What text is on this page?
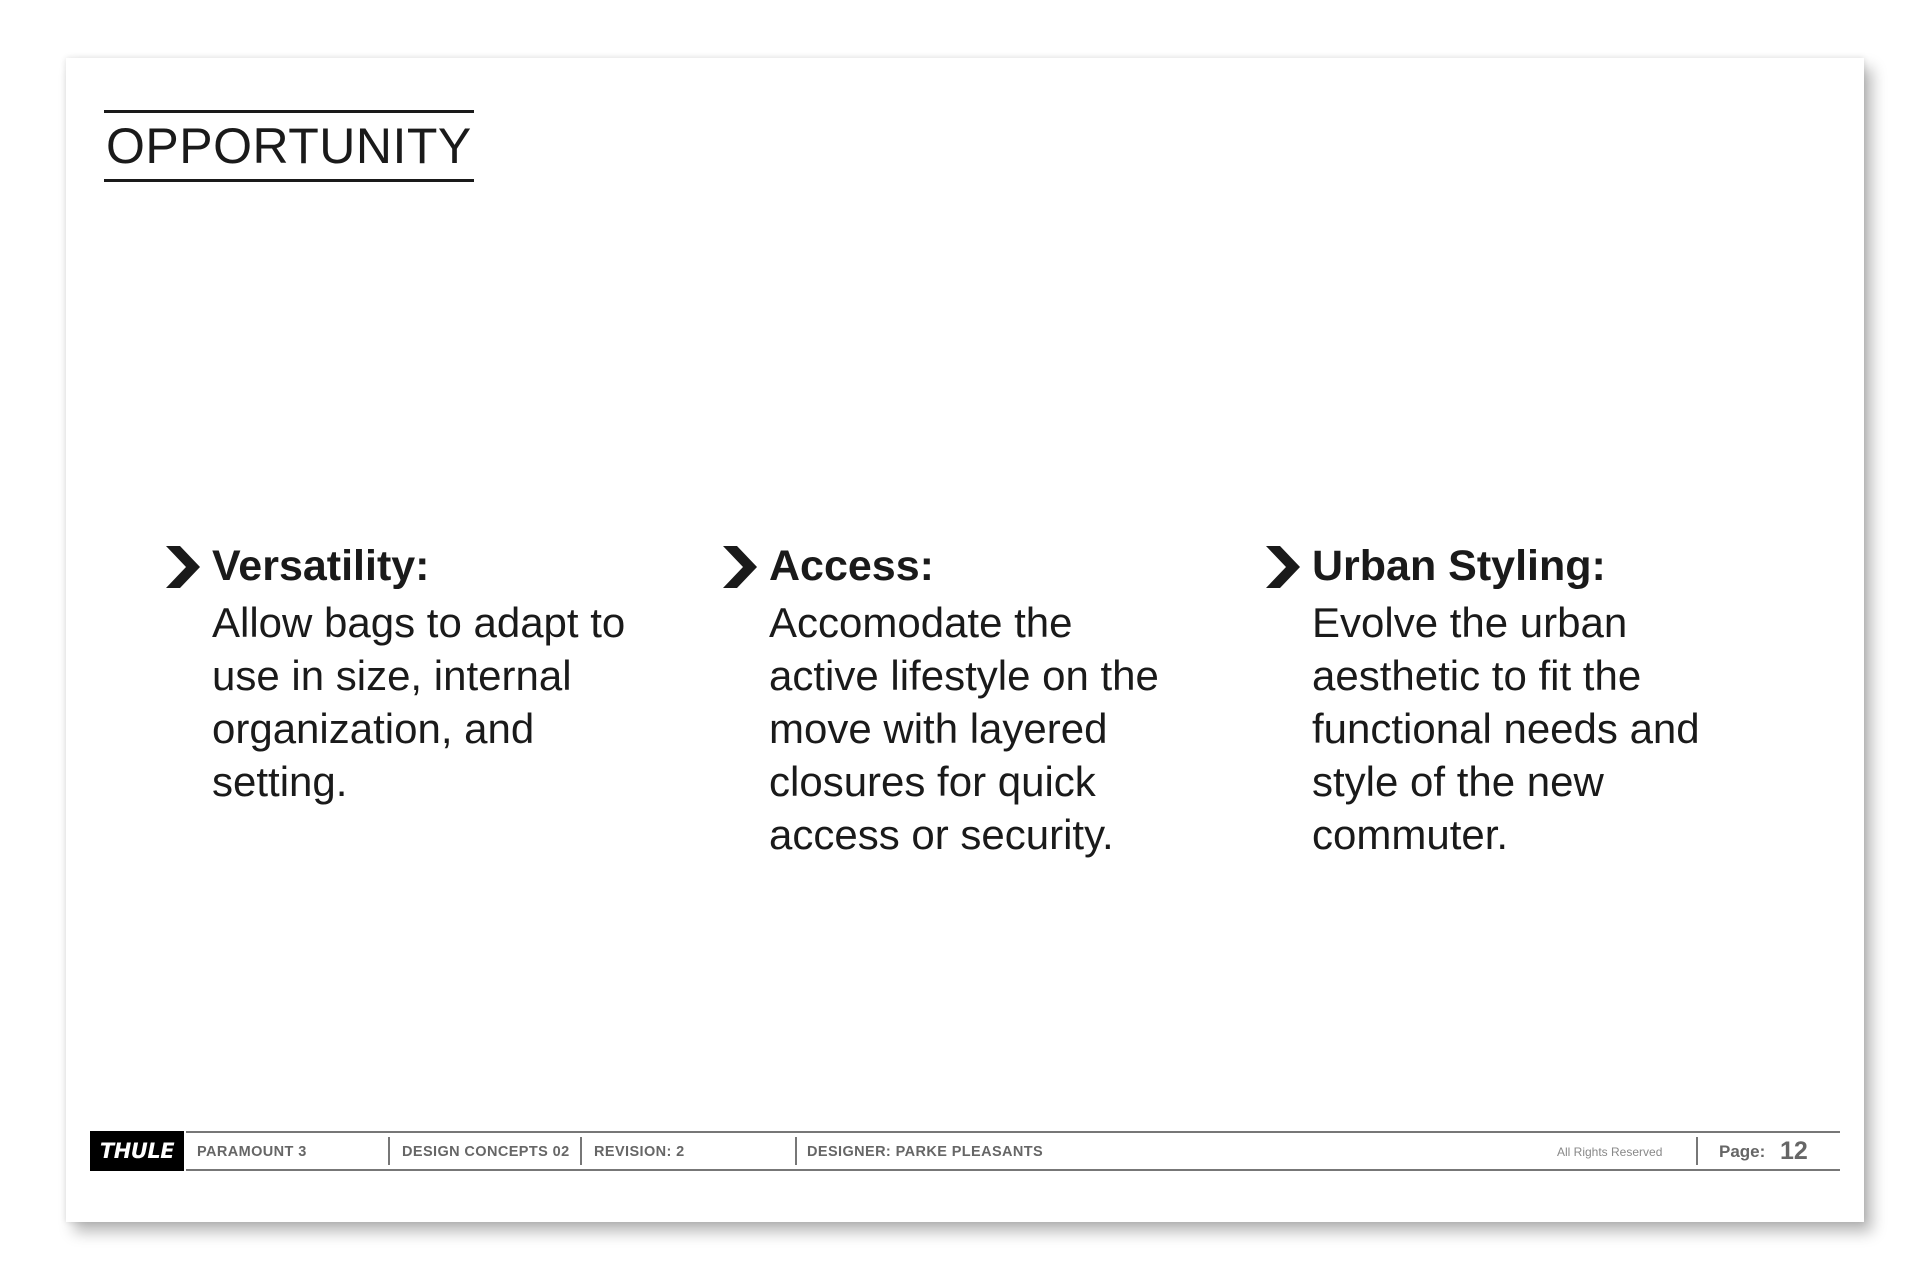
OPPORTUNITY
Versatility:
Allow bags to adapt to
use in size, internal
organization, and
setting.
Access:
Accomodate the
active lifestyle on the
move with layered
closures for quick
access or security.
Urban Styling:
Evolve the urban
aesthetic to fit the
functional needs and
style of the new
commuter.
THULE	PARAMOUNT 3	DESIGN CONCEPTS 02 REVISION: 2	DESIGNER: PARKE PLEASANTS	All Rights Reserved	Page: 12
